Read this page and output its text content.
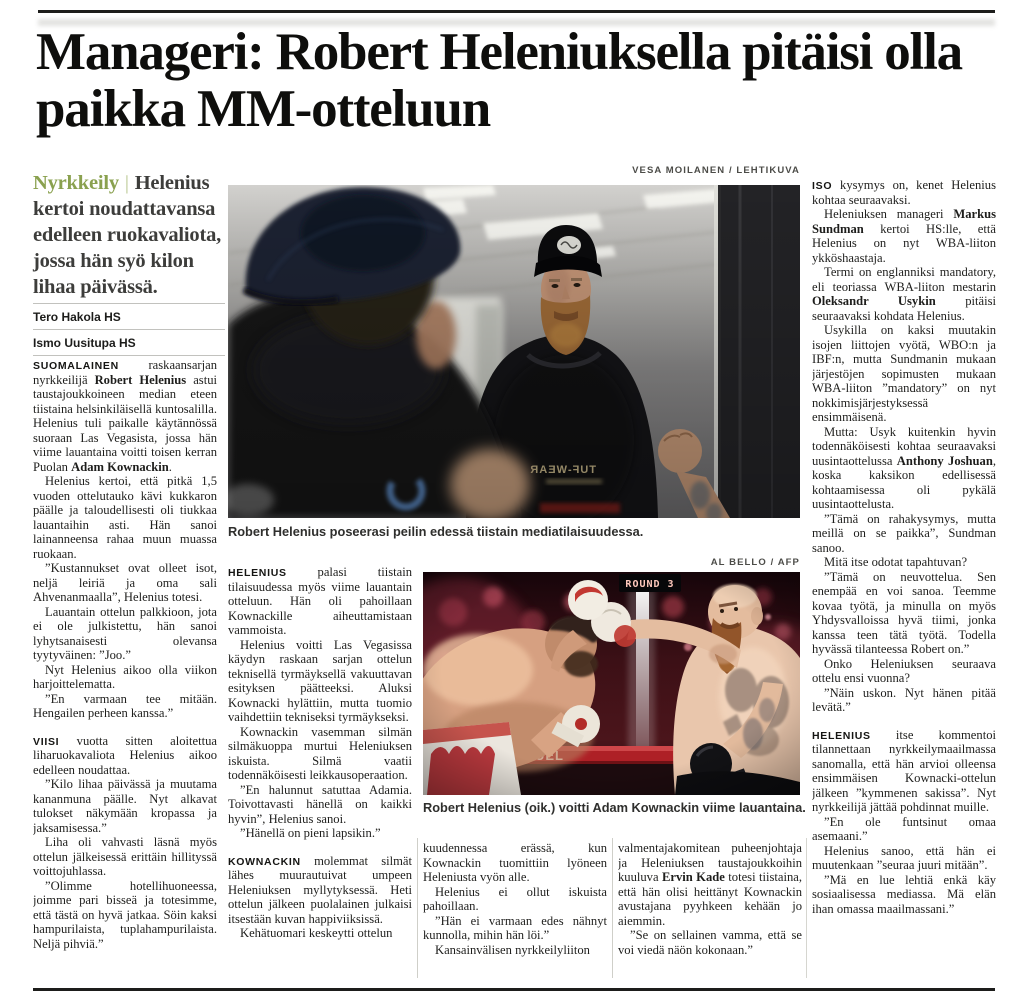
Manageri: Robert Heleniuksella pitäisi olla paikka MM-otteluun
VESA MOILANEN / LEHTIKUVA
Nyrkkeily | Helenius kertoi noudattavansa edelleen ruokavaliota, jossa hän syö kilon lihaa päivässä.
Tero Hakola HS
Ismo Uusitupa HS
Robert Helenius poseerasi peilin edessä tiistain mediatilaisuudessa.
AL BELLO / AFP
Robert Helenius (oik.) voitti Adam Kownackin viime lauantaina.

SUOMALAINEN raskaansarjan nyrkkeilijä Robert Helenius astui taustajoukkoineen median eteen tiistaina helsinkiläisellä kuntosalilla. Helenius tuli paikalle käytännössä suoraan Las Vegasista, jossa hän viime lauantaina voitti toisen kerran Puolan Adam Kownackin.

Helenius kertoi, että pitkä 1,5 vuoden ottelutauko kävi kukkaron päälle ja taloudellisesti oli tiukkaa lauantaihin asti. Hän sanoi lainanneensa rahaa muun muassa ruokaan.

”Kustannukset ovat olleet isot, neljä leiriä ja oma sali Ahvenanmaalla”, Helenius totesi.

Lauantain ottelun palkkioon, jota ei ole julkistettu, hän sanoi lyhytsanaisesti olevansa tyytyväinen: ”Joo.”

Nyt Helenius aikoo olla viikon harjoittelematta.

”En varmaan tee mitään. Hengailen perheen kanssa.”

VIISI vuotta sitten aloitettua liharuokavaliota Helenius aikoo edelleen noudattaa.

”Kilo lihaa päivässä ja muutama kananmuna päälle. Nyt alkavat tulokset näkymään kropassa ja jaksamisessa.”

Liha oli vahvasti läsnä myös ottelun jälkeisessä erittäin hillityssä voittojuhlassa.

”Olimme hotellihuoneessa, joimme pari bisseä ja totesimme, että tästä on hyvä jatkaa. Söin kaksi hampurilaista, tuplahampurilaista. Neljä pihviä.”

HELENIUS palasi tiistain tilaisuudessa myös viime lauantain otteluun. Hän oli pahoillaan Kownackille aiheuttamistaan vammoista.

Helenius voitti Las Vegasissa käydyn raskaan sarjan ottelun teknisellä tyrmäyksellä vakuuttavan esityksen päätteeksi. Aluksi Kownacki hylättiin, mutta tuomio vaihdettiin tekniseksi tyrmäykseksi.

Kownackin vasemman silmän silmäkuoppa murtui Heleniuksen iskuista. Silmä vaatii todennäköisesti leikkausoperaation.

”En halunnut satuttaa Adamia. Toivottavasti hänellä on kaikki hyvin”, Helenius sanoi.

”Hänellä on pieni lapsikin.”

KOWNACKIN molemmat silmät lähes muurautuivat umpeen Heleniuksen myllytyksessä. Heti ottelun jälkeen puolalainen julkaisi itsestään kuvan happiviiksissä.

Kehätuomari keskeytti ottelun

kuudennessa erässä, kun Kownackin tuomittiin lyöneen Heleniusta vyön alle.

Helenius ei ollut iskuista pahoillaan.

”Hän ei varmaan edes nähnyt kunnolla, mihin hän löi.”

Kansainvälisen nyrkkeilyliiton

valmentajakomitean puheenjohtaja ja Heleniuksen taustajoukkoihin kuuluva Ervin Kade totesi tiistaina, että hän olisi heittänyt Kownackin avustajana pyyhkeen kehään jo aiemmin.

”Se on sellainen vamma, että se voi viedä näön kokonaan.”

ISO kysymys on, kenet Helenius kohtaa seuraavaksi.

Heleniuksen manageri Markus Sundman kertoi HS:lle, että Helenius on nyt WBA-liiton ykköshaastaja.

Termi on englanniksi mandatory, eli teoriassa WBA-liiton mestarin Oleksandr Usykin pitäisi seuraavaksi kohdata Helenius.

Usykilla on kaksi muutakin isojen liittojen vyötä, WBO:n ja IBF:n, mutta Sundmanin mukaan järjestöjen sopimusten mukaan WBA-liiton ”mandatory” on nyt nokkimisjärjestyksessä ensimmäisenä.

Mutta: Usyk kuitenkin hyvin todennäköisesti kohtaa seuraavaksi uusintaottelussa Anthony Joshuan, koska kaksikon edellisessä kohtaamisessa oli pykälä uusintaottelusta.

”Tämä on rahakysymys, mutta meillä on se paikka”, Sundman sanoo.

Mitä itse odotat tapahtuvan?

”Tämä on neuvottelua. Sen enempää en voi sanoa. Teemme kovaa työtä, ja minulla on myös Yhdysvalloissa hyvä tiimi, jonka kanssa teen tätä työtä. Todella hyvässä tilanteessa Robert on.”

Onko Heleniuksen seuraava ottelu ensi vuonna?

”Näin uskon. Nyt hänen pitää levätä.”

HELENIUS itse kommentoi tilannettaan nyrkkeilymaailmassa sanomalla, että hän arvioi olleensa ensimmäisen Kownacki-ottelun jälkeen ”kymmenen sakissa”. Nyt nyrkkeilijä jättää pohdinnat muille.

”En ole funtsinut omaa asemaani.”

Helenius sanoo, että hän ei muutenkaan ”seuraa juuri mitään”.

”Mä en lue lehtiä enkä käy sosiaalisessa mediassa. Mä elän ihan omassa maailmassani.”
